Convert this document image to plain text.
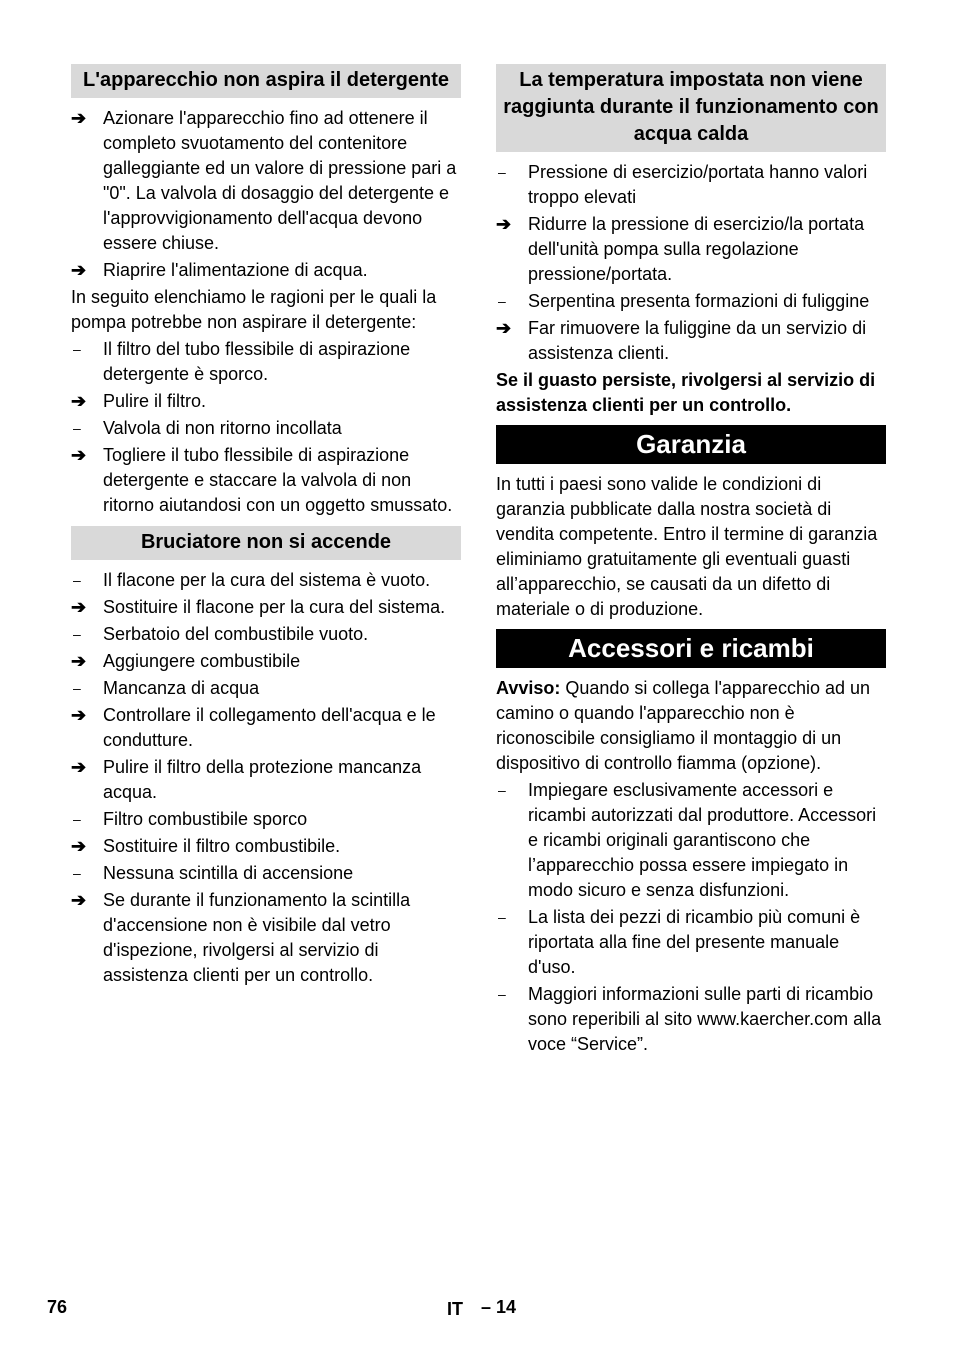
L'apparecchio non aspira il detergente
➔ Azionare l'apparecchio fino ad ottenere il completo svuotamento del contenitore galleggiante ed un valore di pressione pari a "0". La valvola di dosaggio del detergente e l'approvvigionamento dell'acqua devono essere chiuse.
➔ Riaprire l'alimentazione di acqua.
In seguito elenchiamo le ragioni per le quali la pompa potrebbe non aspirare il detergente:
–	Il filtro del tubo flessibile di aspirazione detergente è sporco.
➔ Pulire il filtro.
–	Valvola di non ritorno incollata
➔ Togliere il tubo flessibile di aspirazione detergente e staccare la valvola di non ritorno aiutandosi con un oggetto smussato.
Bruciatore non si accende
–	Il flacone per la cura del sistema è vuoto.
➔ Sostituire il flacone per la cura del sistema.
–	Serbatoio del combustibile vuoto.
➔ Aggiungere combustibile
–	Mancanza di acqua
➔ Controllare il collegamento dell'acqua e le condutture.
➔ Pulire il filtro della protezione mancanza acqua.
–	Filtro combustibile sporco
➔ Sostituire il filtro combustibile.
–	Nessuna scintilla di accensione
➔ Se durante il funzionamento la scintilla d'accensione non è visibile dal vetro d'ispezione, rivolgersi al servizio di assistenza clienti per un controllo.
La temperatura impostata non viene raggiunta durante il funzionamento con acqua calda
–	Pressione di esercizio/portata hanno valori troppo elevati
➔ Ridurre la pressione di esercizio/la portata dell'unità pompa sulla regolazione pressione/portata.
–	Serpentina presenta formazioni di fuliggine
➔ Far rimuovere la fuliggine da un servizio di assistenza clienti.
Se il guasto persiste, rivolgersi al servizio di assistenza clienti per un controllo.
Garanzia
In tutti i paesi sono valide le condizioni di garanzia pubblicate dalla nostra società di vendita competente. Entro il termine di garanzia eliminiamo gratuitamente gli eventuali guasti all’apparecchio, se causati da un difetto di materiale o di produzione.
Accessori e ricambi
Avviso: Quando si collega l'apparecchio ad un camino o quando l'apparecchio non è riconoscibile consigliamo il montaggio di un dispositivo di controllo fiamma (opzione).
–	Impiegare esclusivamente accessori e ricambi autorizzati dal produttore. Accessori e ricambi originali garantiscono che l’apparecchio possa essere impiegato in modo sicuro e senza disfunzioni.
–	La lista dei pezzi di ricambio più comuni è riportata alla fine del presente manuale d'uso.
–	Maggiori informazioni sulle parti di ricambio sono reperibili al sito www.kaercher.com alla voce “Service”.
76	IT – 14
